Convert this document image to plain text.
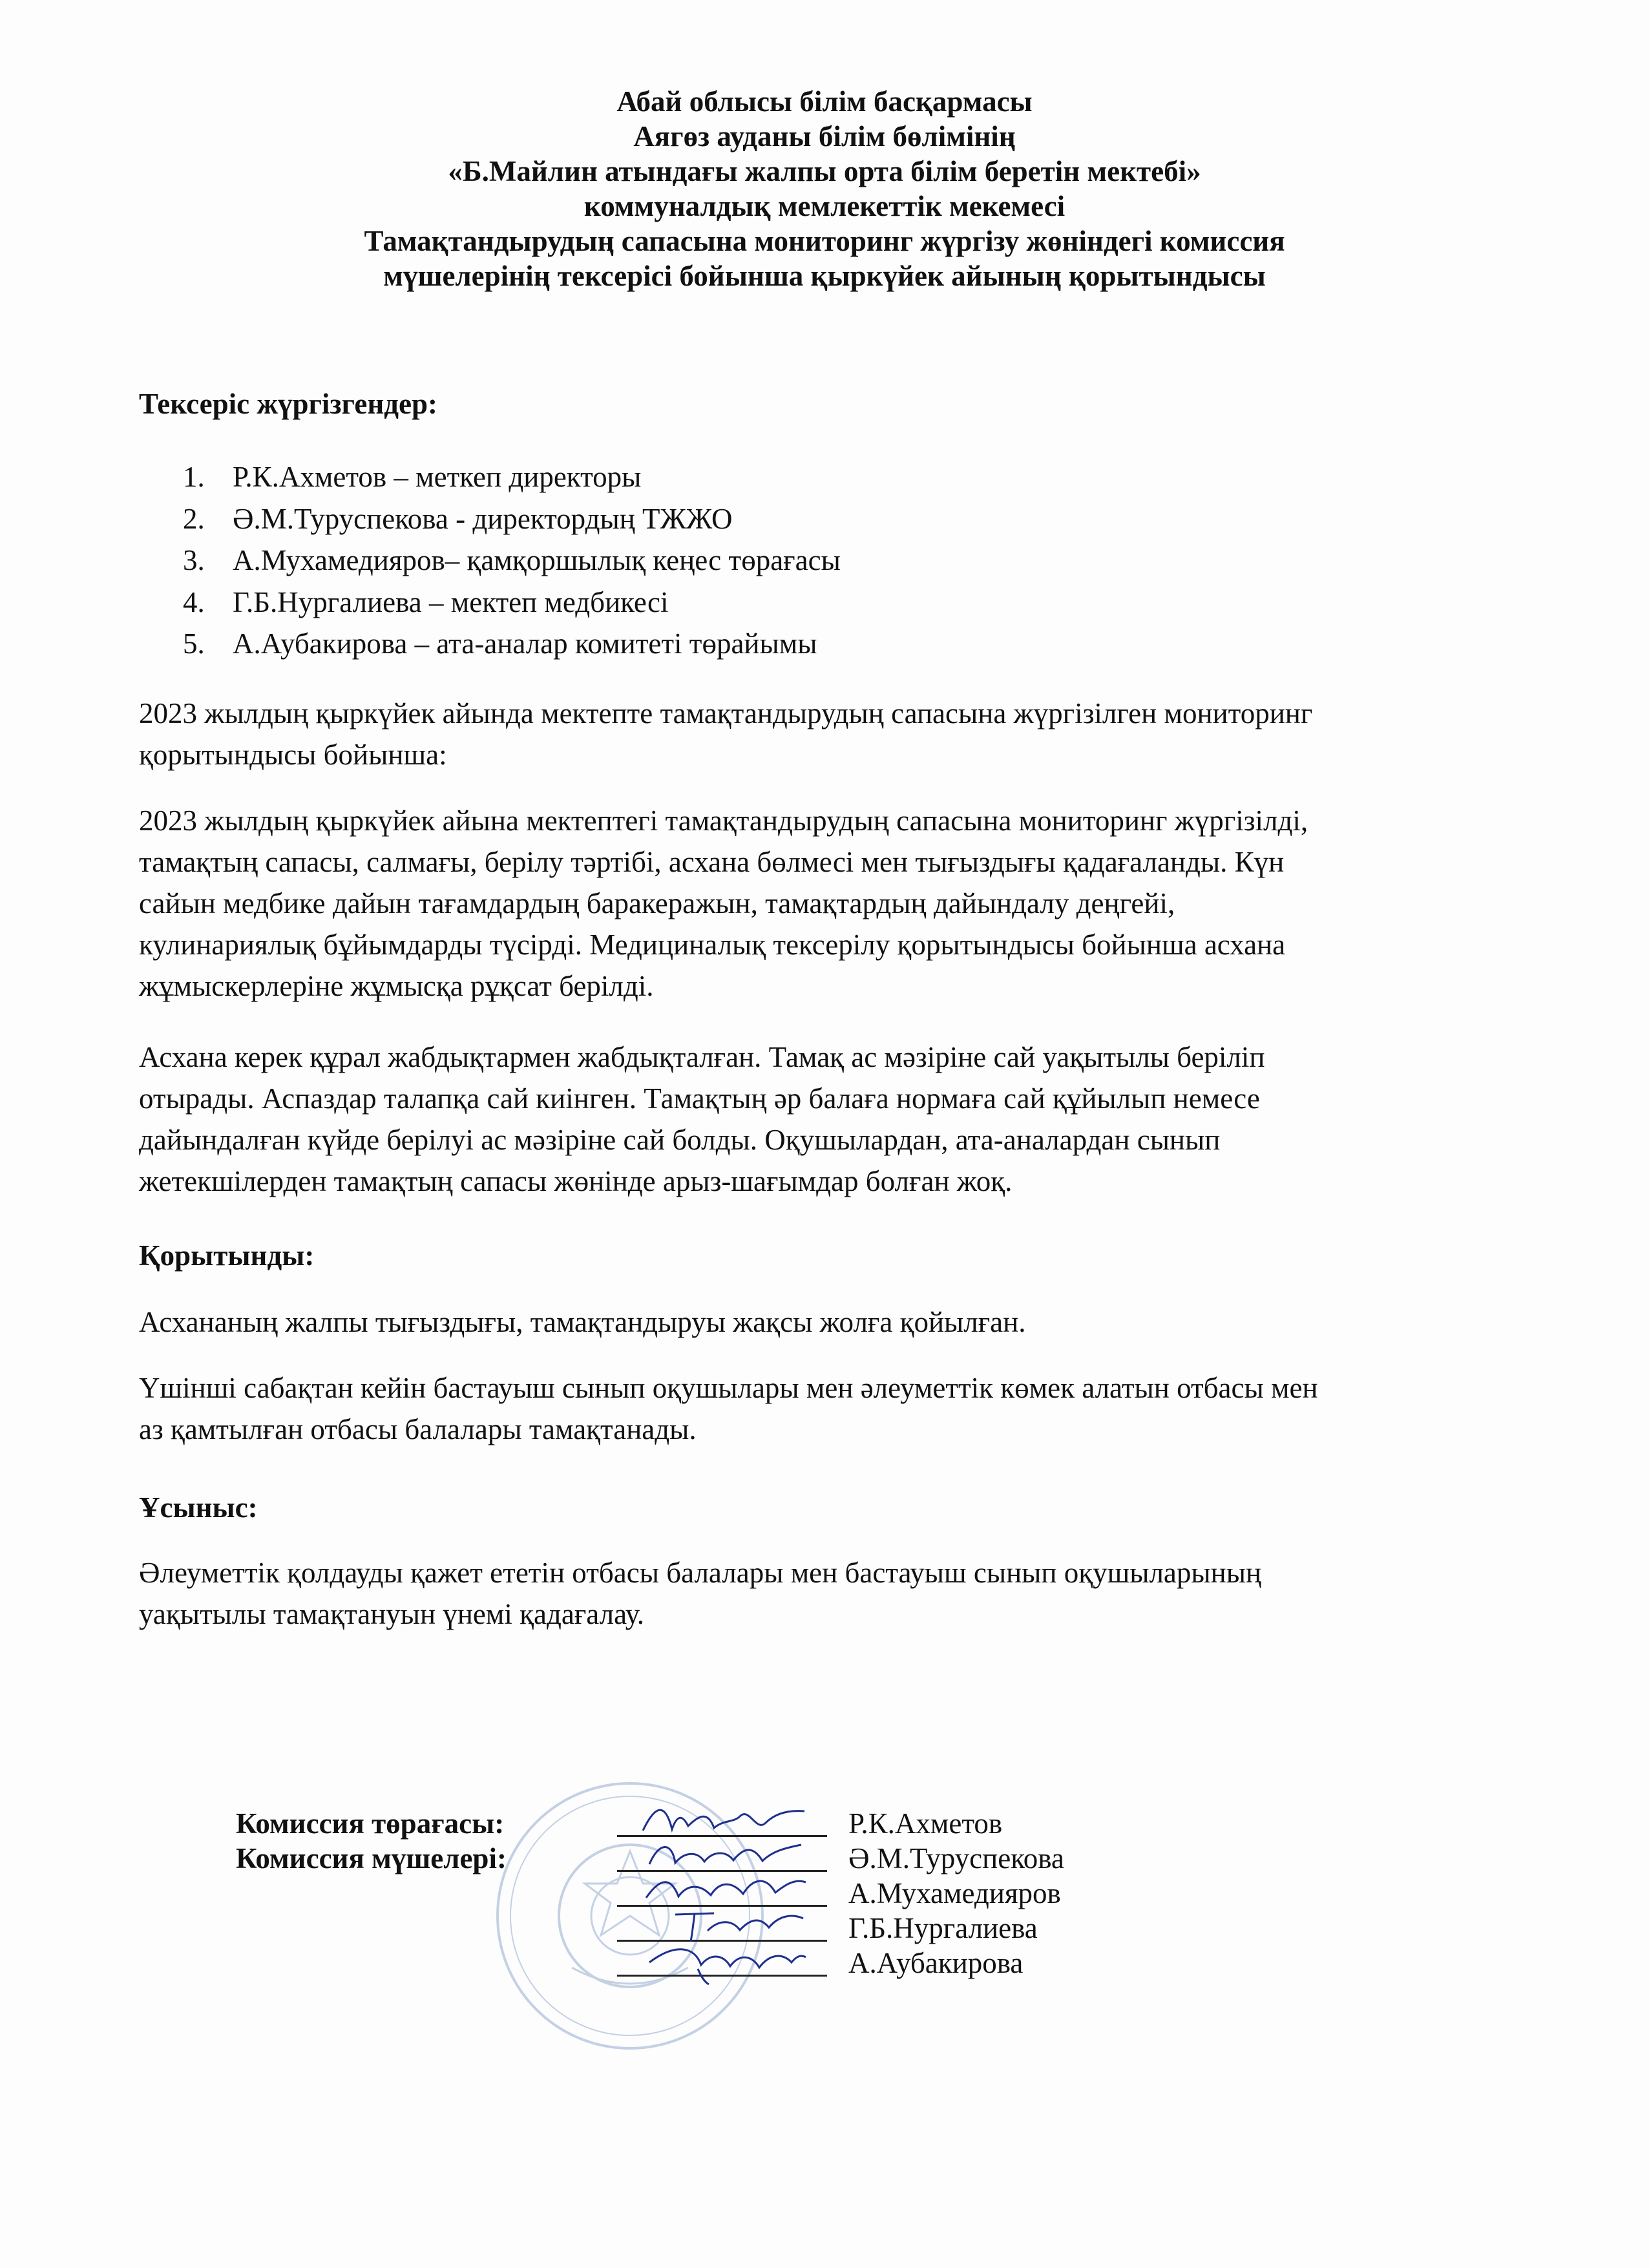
Абай облысы білім басқармасы
Аягөз ауданы білім бөлімінің
«Б.Майлин атындағы жалпы орта білім беретін мектебі»
коммуналдық мемлекеттік мекемесі
Тамақтандырудың сапасына мониторинг жүргізу жөніндегі комиссия
мүшелерінің тексерісі бойынша қыркүйек айының қорытындысы
Тексеріс жүргізгендер:
1. Р.К.Ахметов – меткеп директоры
2. Ә.М.Туруспекова - директордың ТЖЖО
3. А.Мухамедияров– қамқоршылық кеңес төрағасы
4. Г.Б.Нургалиева – мектеп медбикесі
5. А.Аубакирова – ата-аналар комитеті төрайымы
2023 жылдың қыркүйек айында мектепте тамақтандырудың сапасына жүргізілген мониторинг
қорытындысы бойынша:
2023 жылдың қыркүйек айына мектептегі тамақтандырудың сапасына мониторинг жүргізілді,
тамақтың сапасы, салмағы, берілу тәртібі, асхана бөлмесі мен тығыздығы қадағаланды. Күн
сайын медбике дайын тағамдардың баракеражын, тамақтардың дайындалу деңгейі,
кулинариялық бұйымдарды түсірді. Медициналық тексерілу қорытындысы бойынша асхана
жұмыскерлеріне жұмысқа рұқсат берілді.
Асхана керек құрал жабдықтармен жабдықталған. Тамақ ас мәзіріне сай уақытылы беріліп
отырады. Аспаздар талапқа сай киінген. Тамақтың әр балаға нормаға сай құйылып немесе
дайындалған күйде берілуі ас мәзіріне сай болды. Оқушылардан, ата-аналардан сынып
жетекшілерден тамақтың сапасы жөнінде арыз-шағымдар болған жоқ.
Қорытынды:
Асхананың жалпы тығыздығы, тамақтандыруы жақсы жолға қойылған.
Үшінші сабақтан кейін бастауыш сынып оқушылары мен әлеуметтік көмек алатын отбасы мен
аз қамтылған отбасы балалары тамақтанады.
Ұсыныс:
Әлеуметтік қолдауды қажет ететін отбасы балалары мен бастауыш сынып оқушыларының
уақытылы тамақтануын үнемі қадағалау.
Комиссия төрағасы:
Комиссия мүшелері:
Р.К.Ахметов
Ә.М.Туруспекова
А.Мухамедияров
Г.Б.Нургалиева
А.Аубакирова
